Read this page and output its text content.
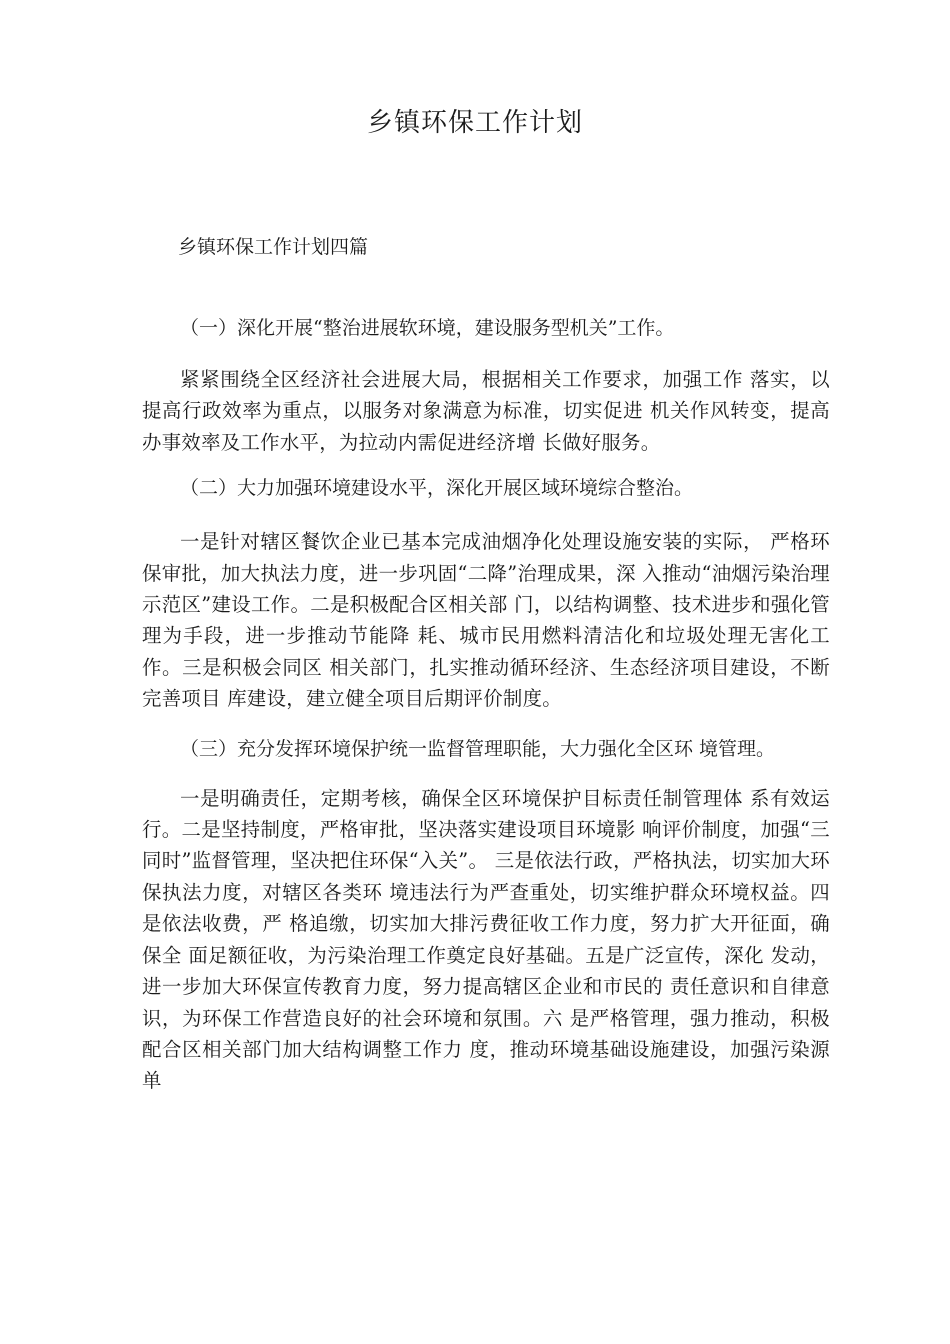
乡镇环保工作计划

乡镇环保工作计划四篇

（一）深化开展“整治进展软环境，建设服务型机关”工作。

紧紧围绕全区经济社会进展大局，根据相关工作要求，加强工作 落实，以提高行政效率为重点，以服务对象满意为标准，切实促进 机关作风转变，提高办事效率及工作水平，为拉动内需促进经济增 长做好服务。

（二）大力加强环境建设水平，深化开展区域环境综合整治。

一是针对辖区餐饮企业已基本完成油烟净化处理设施安装的实际， 严格环保审批，加大执法力度，进一步巩固“二降”治理成果，深 入推动“油烟污染治理示范区”建设工作。二是积极配合区相关部 门，以结构调整、技术进步和强化管理为手段，进一步推动节能降 耗、城市民用燃料清洁化和垃圾处理无害化工作。三是积极会同区 相关部门，扎实推动循环经济、生态经济项目建设，不断完善项目 库建设，建立健全项目后期评价制度。

（三）充分发挥环境保护统一监督管理职能，大力强化全区环 境管理。

一是明确责任，定期考核，确保全区环境保护目标责任制管理体 系有效运行。二是坚持制度，严格审批，坚决落实建设项目环境影 响评价制度，加强“三同时”监督管理，坚决把住环保“入关”。 三是依法行政，严格执法，切实加大环保执法力度，对辖区各类环 境违法行为严查重处，切实维护群众环境权益。四是依法收费，严 格追缴，切实加大排污费征收工作力度，努力扩大开征面，确保全 面足额征收，为污染治理工作奠定良好基础。五是广泛宣传，深化 发动，进一步加大环保宣传教育力度，努力提高辖区企业和市民的 责任意识和自律意识，为环保工作营造良好的社会环境和氛围。六 是严格管理，强力推动，积极配合区相关部门加大结构调整工作力 度，推动环境基础设施建设，加强污染源单
